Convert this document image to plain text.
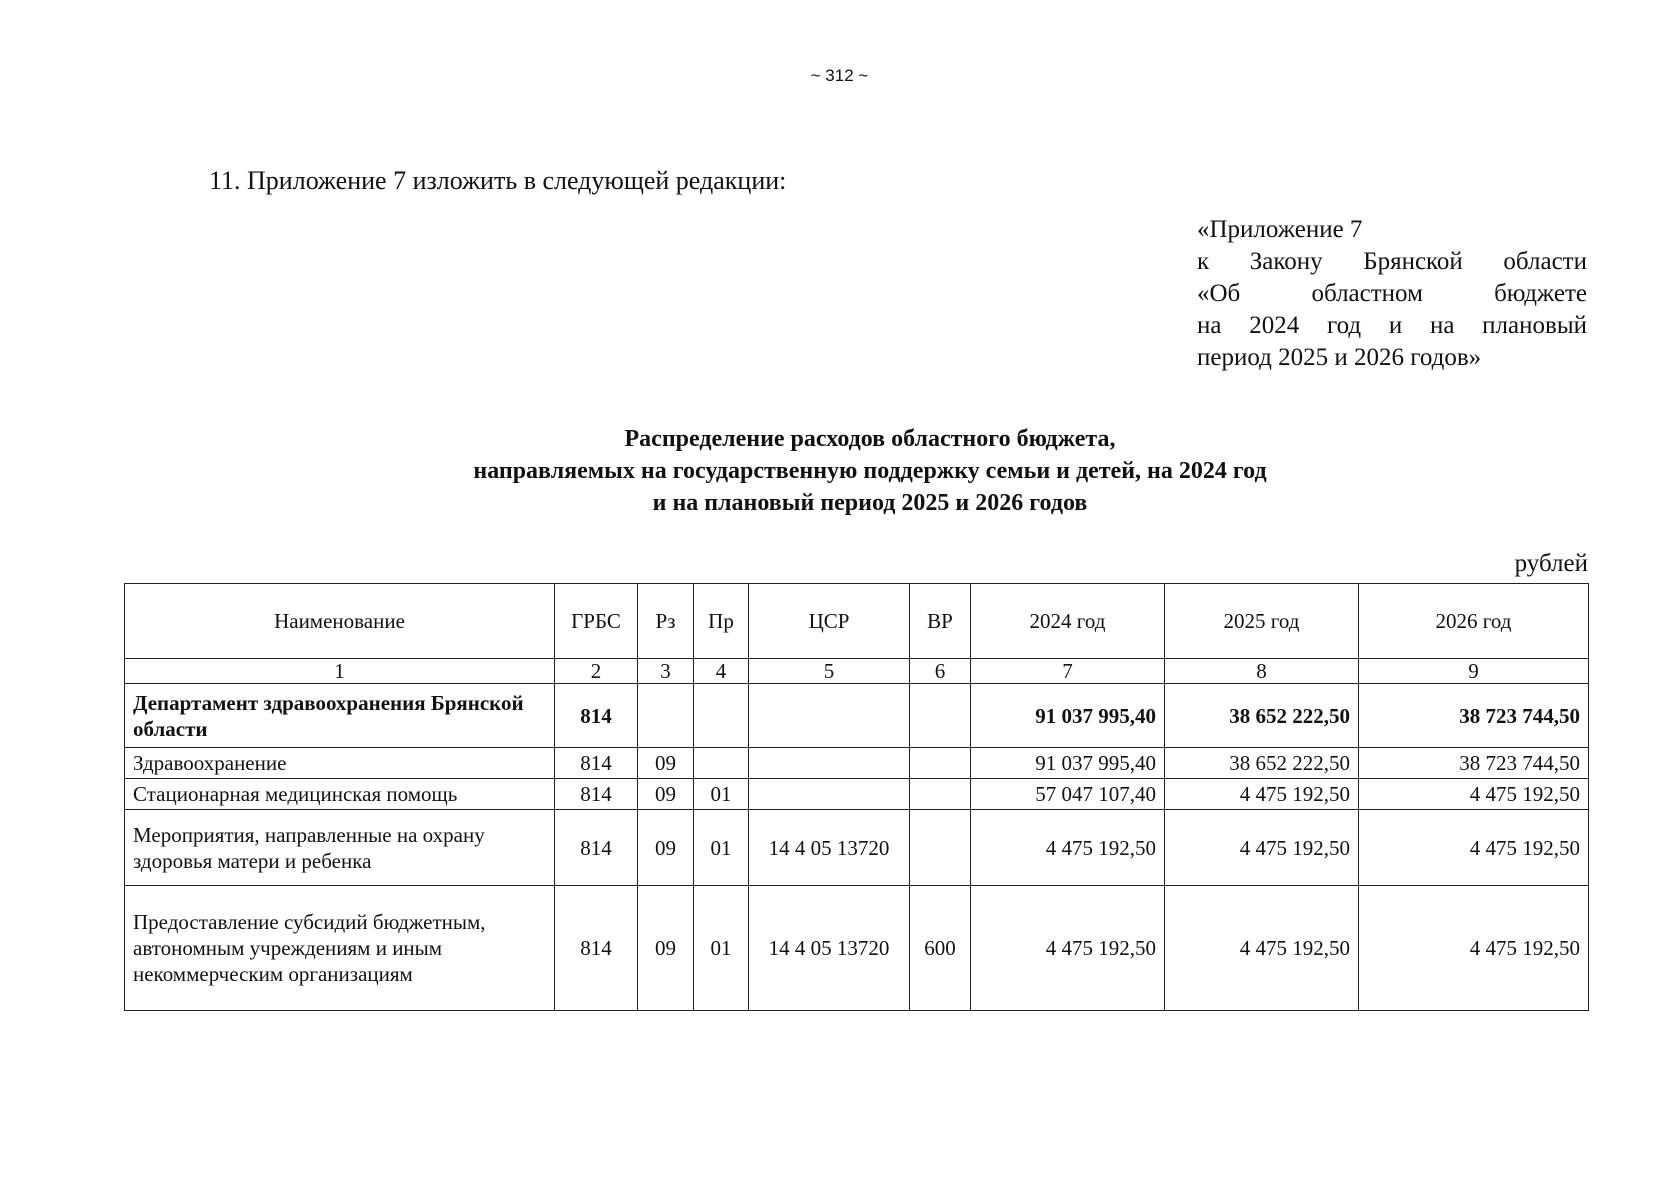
~ 312 ~
11. Приложение 7 изложить в следующей редакции:
«Приложение 7
к Закону Брянской области
«Об областном бюджете
на 2024 год и на плановый
период 2025 и 2026 годов»
Распределение расходов областного бюджета,
направляемых на государственную поддержку семьи и детей, на 2024 год
и на плановый период 2025 и 2026 годов
рублей
Наименование	ГРБС	Рз	Пр	ЦСР	ВР	2024 год	2025 год	2026 год
1	2	3	4	5	6	7	8	9
Департамент здравоохранения Брянской области	814					91 037 995,40	38 652 222,50	38 723 744,50
Здравоохранение	814	09				91 037 995,40	38 652 222,50	38 723 744,50
Стационарная медицинская помощь	814	09	01			57 047 107,40	4 475 192,50	4 475 192,50
Мероприятия, направленные на охрану здоровья матери и ребенка	814	09	01	14 4 05 13720		4 475 192,50	4 475 192,50	4 475 192,50
Предоставление субсидий бюджетным, автономным учреждениям и иным некоммерческим организациям	814	09	01	14 4 05 13720	600	4 475 192,50	4 475 192,50	4 475 192,50
